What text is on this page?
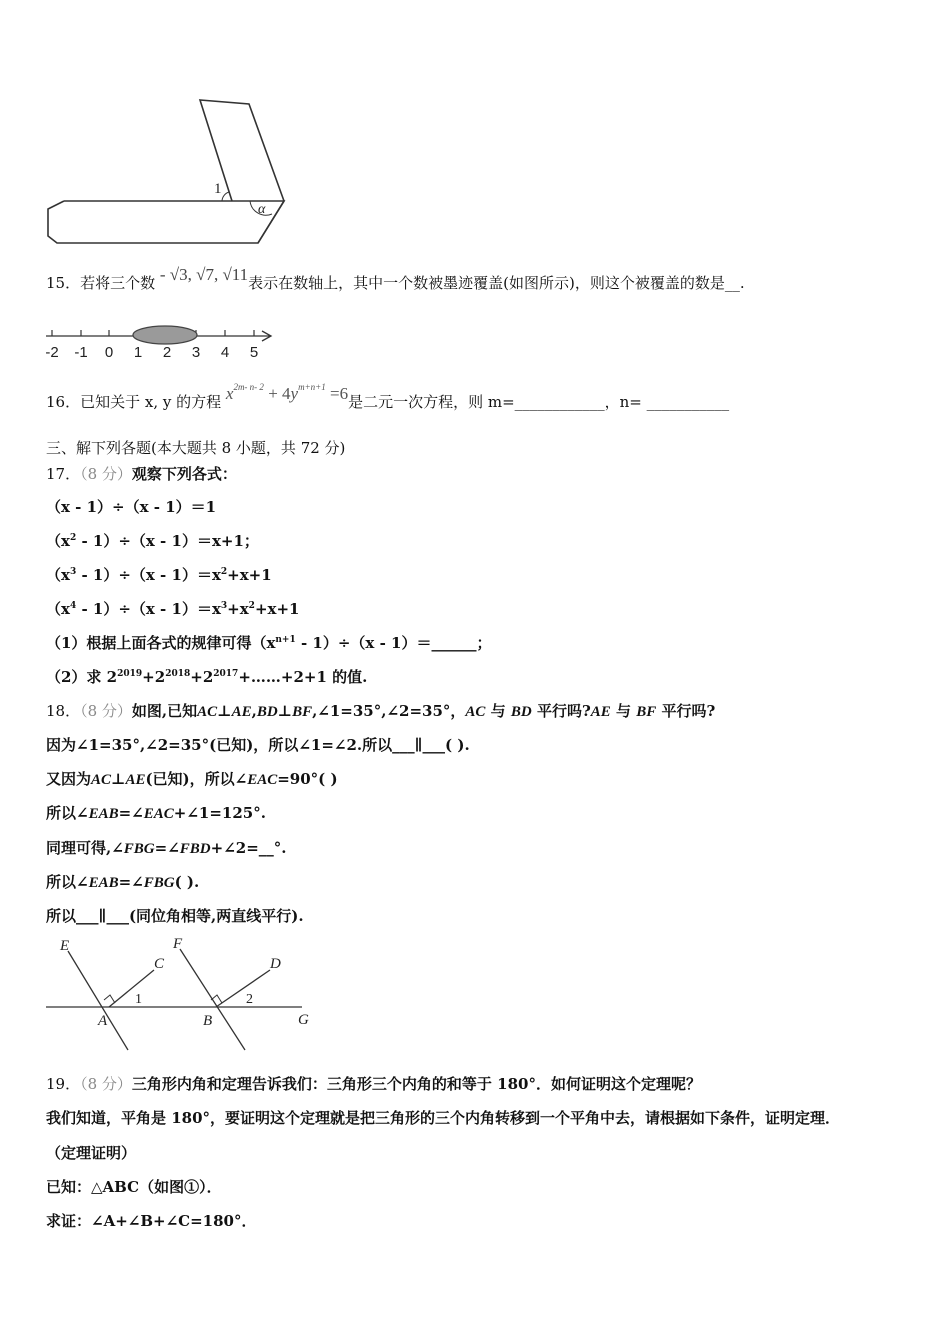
1
α
15．若将三个数 - √3, √7, √11表示在数轴上，其中一个数被墨迹覆盖(如图所示)，则这个被覆盖的数是__.
-2 -1 0 1 2 3 4 5
16．已知关于 x, y 的方程 $x^{2m- n- 2} + 4y^{m+n+1} =6$是二元一次方程，则 m=____________，n= ___________
三、解下列各题(本大题共 8 小题，共 72 分)
17．（8 分）观察下列各式：
（x - 1）÷（x - 1）＝1
$(x^2 - 1)\div(x - 1)=x+1$；
$(x^3 - 1)\div(x - 1)=x^2+x+1$
$(x^4 - 1)\div(x - 1)=x^3+x^2+x+1$
（1）根据上面各式的规律可得$(x^{n+1} - 1)\div(x$ - 1）＝______；
（2）求 $2^{2019}+2^{2018}+2^{2017}+\dots\dots+2+1$ 的值.
18．（8 分）如图,已知AC⊥AE,BD⊥BF,∠1=35°,∠2=35°，AC 与 BD 平行吗?AE 与 BF 平行吗?
因为∠1=35°,∠2=35°(已知)，所以∠1=∠2.所以___∥___( ).
又因为AC⊥AE(已知)，所以∠EAC=90°( )
所以∠EAB=∠EAC+∠1=125°.
同理可得,∠FBG=∠FBD+∠2=__°.
所以∠EAB=∠FBG( ).
所以___∥___(同位角相等,两直线平行).
E
C
A
F
D
B	G
1	2
19．（8 分）三角形内角和定理告诉我们：三角形三个内角的和等于 180°．如何证明这个定理呢？
我们知道，平角是 180°，要证明这个定理就是把三角形的三个内角转移到一个平角中去，请根据如下条件，证明定理．
（定理证明）
已知：△ABC（如图①）．
求证：∠A+∠B+∠C=180°．
